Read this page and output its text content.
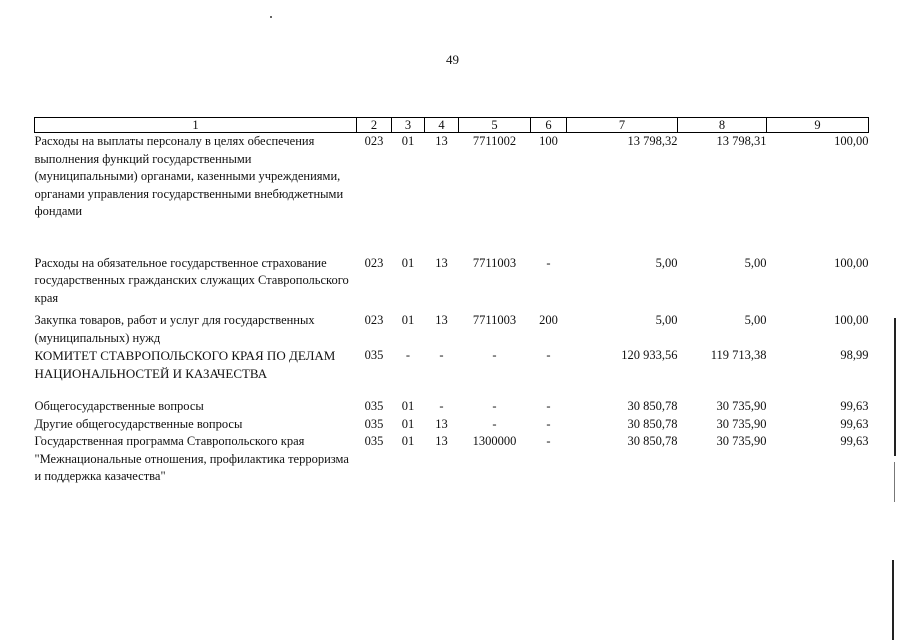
49
1	2	3	4	5	6	7	8	9
Расходы на выплаты персоналу в целях обеспечения выполнения функций государственными (муниципальными) органами, казенными учреждениями, органами управления государственными внебюджетными фондами	023	01	13	7711002	100	13 798,32	13 798,31	100,00
Расходы на обязательное государственное страхование государственных гражданских служащих Ставропольского края	023	01	13	7711003	-	5,00	5,00	100,00
Закупка товаров, работ и услуг для государственных (муниципальных) нужд	023	01	13	7711003	200	5,00	5,00	100,00
КОМИТЕТ СТАВРОПОЛЬСКОГО КРАЯ ПО ДЕЛАМ НАЦИОНАЛЬНОСТЕЙ И КАЗАЧЕСТВА	035	-	-	-	-	120 933,56	119 713,38	98,99
Общегосударственные вопросы	035	01	-	-	-	30 850,78	30 735,90	99,63
Другие общегосударственные вопросы	035	01	13	-	-	30 850,78	30 735,90	99,63
Государственная программа Ставропольского края "Межнациональные отношения, профилактика терроризма и поддержка казачества"	035	01	13	1300000	-	30 850,78	30 735,90	99,63
